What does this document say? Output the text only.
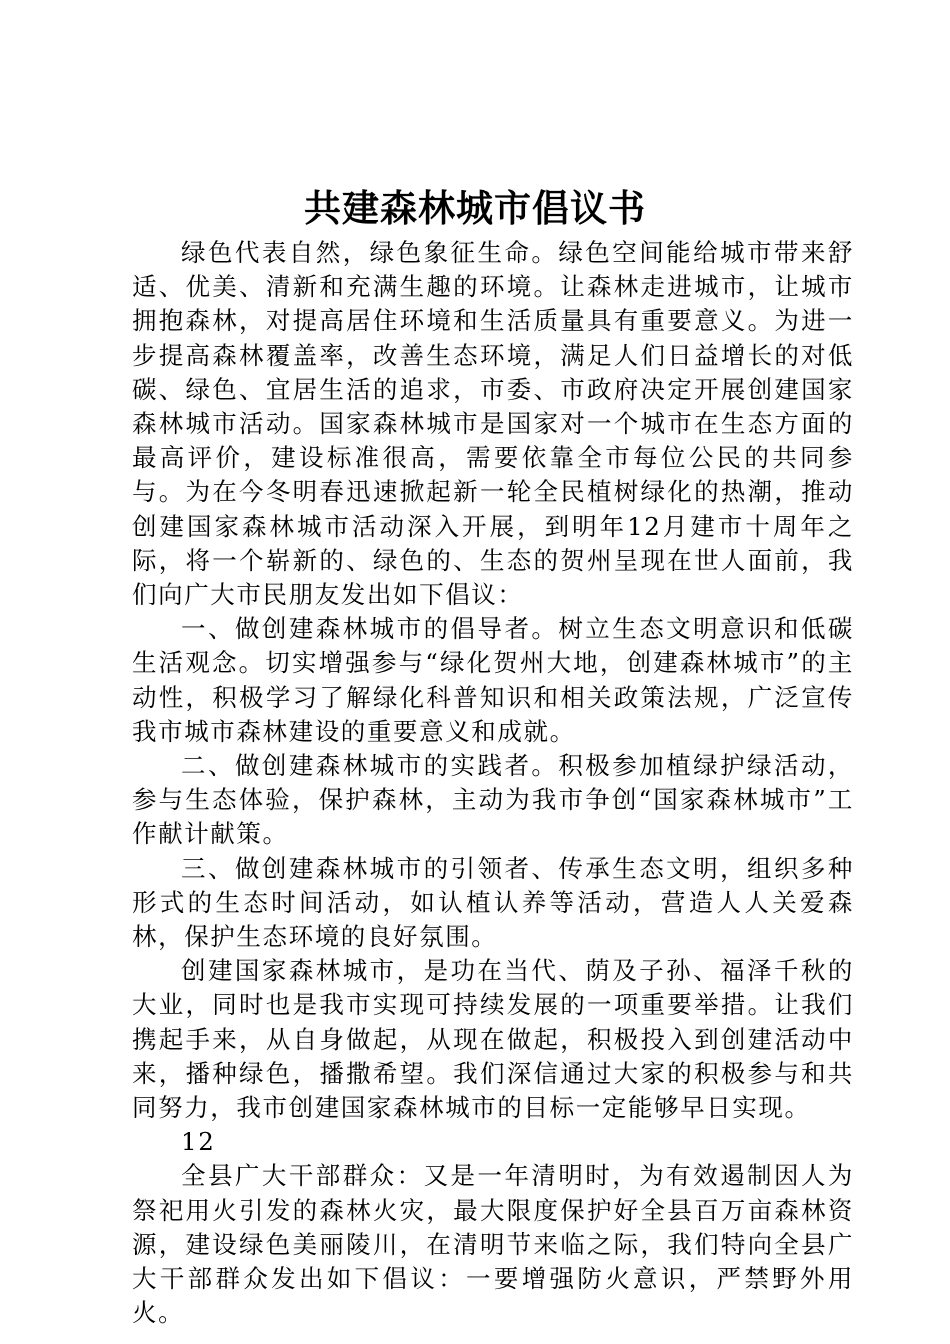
共建森林城市倡议书

绿色代表自然，绿色象征生命。绿色空间能给城市带来舒适、优美、清新和充满生趣的环境。让森林走进城市，让城市拥抱森林，对提高居住环境和生活质量具有重要意义。为进一步提高森林覆盖率，改善生态环境，满足人们日益增长的对低碳、绿色、宜居生活的追求，市委、市政府决定开展创建国家森林城市活动。国家森林城市是国家对一个城市在生态方面的最高评价，建设标准很高，需要依靠全市每位公民的共同参与。为在今冬明春迅速掀起新一轮全民植树绿化的热潮，推动创建国家森林城市活动深入开展，到明年12月建市十周年之际，将一个崭新的、绿色的、生态的贺州呈现在世人面前，我们向广大市民朋友发出如下倡议：

一、做创建森林城市的倡导者。树立生态文明意识和低碳生活观念。切实增强参与“绿化贺州大地，创建森林城市”的主动性，积极学习了解绿化科普知识和相关政策法规，广泛宣传我市城市森林建设的重要意义和成就。

二、做创建森林城市的实践者。积极参加植绿护绿活动，参与生态体验，保护森林，主动为我市争创“国家森林城市”工作献计献策。

三、做创建森林城市的引领者、传承生态文明，组织多种形式的生态时间活动，如认植认养等活动，营造人人关爱森林，保护生态环境的良好氛围。

创建国家森林城市，是功在当代、荫及子孙、福泽千秋的大业，同时也是我市实现可持续发展的一项重要举措。让我们携起手来，从自身做起，从现在做起，积极投入到创建活动中来，播种绿色，播撒希望。我们深信通过大家的积极参与和共同努力，我市创建国家森林城市的目标一定能够早日实现。

12

全县广大干部群众：又是一年清明时，为有效遏制因人为祭祀用火引发的森林火灾，最大限度保护好全县百万亩森林资源，建设绿色美丽陵川，在清明节来临之际，我们特向全县广大干部群众发出如下倡议：一要增强防火意识，严禁野外用火。
